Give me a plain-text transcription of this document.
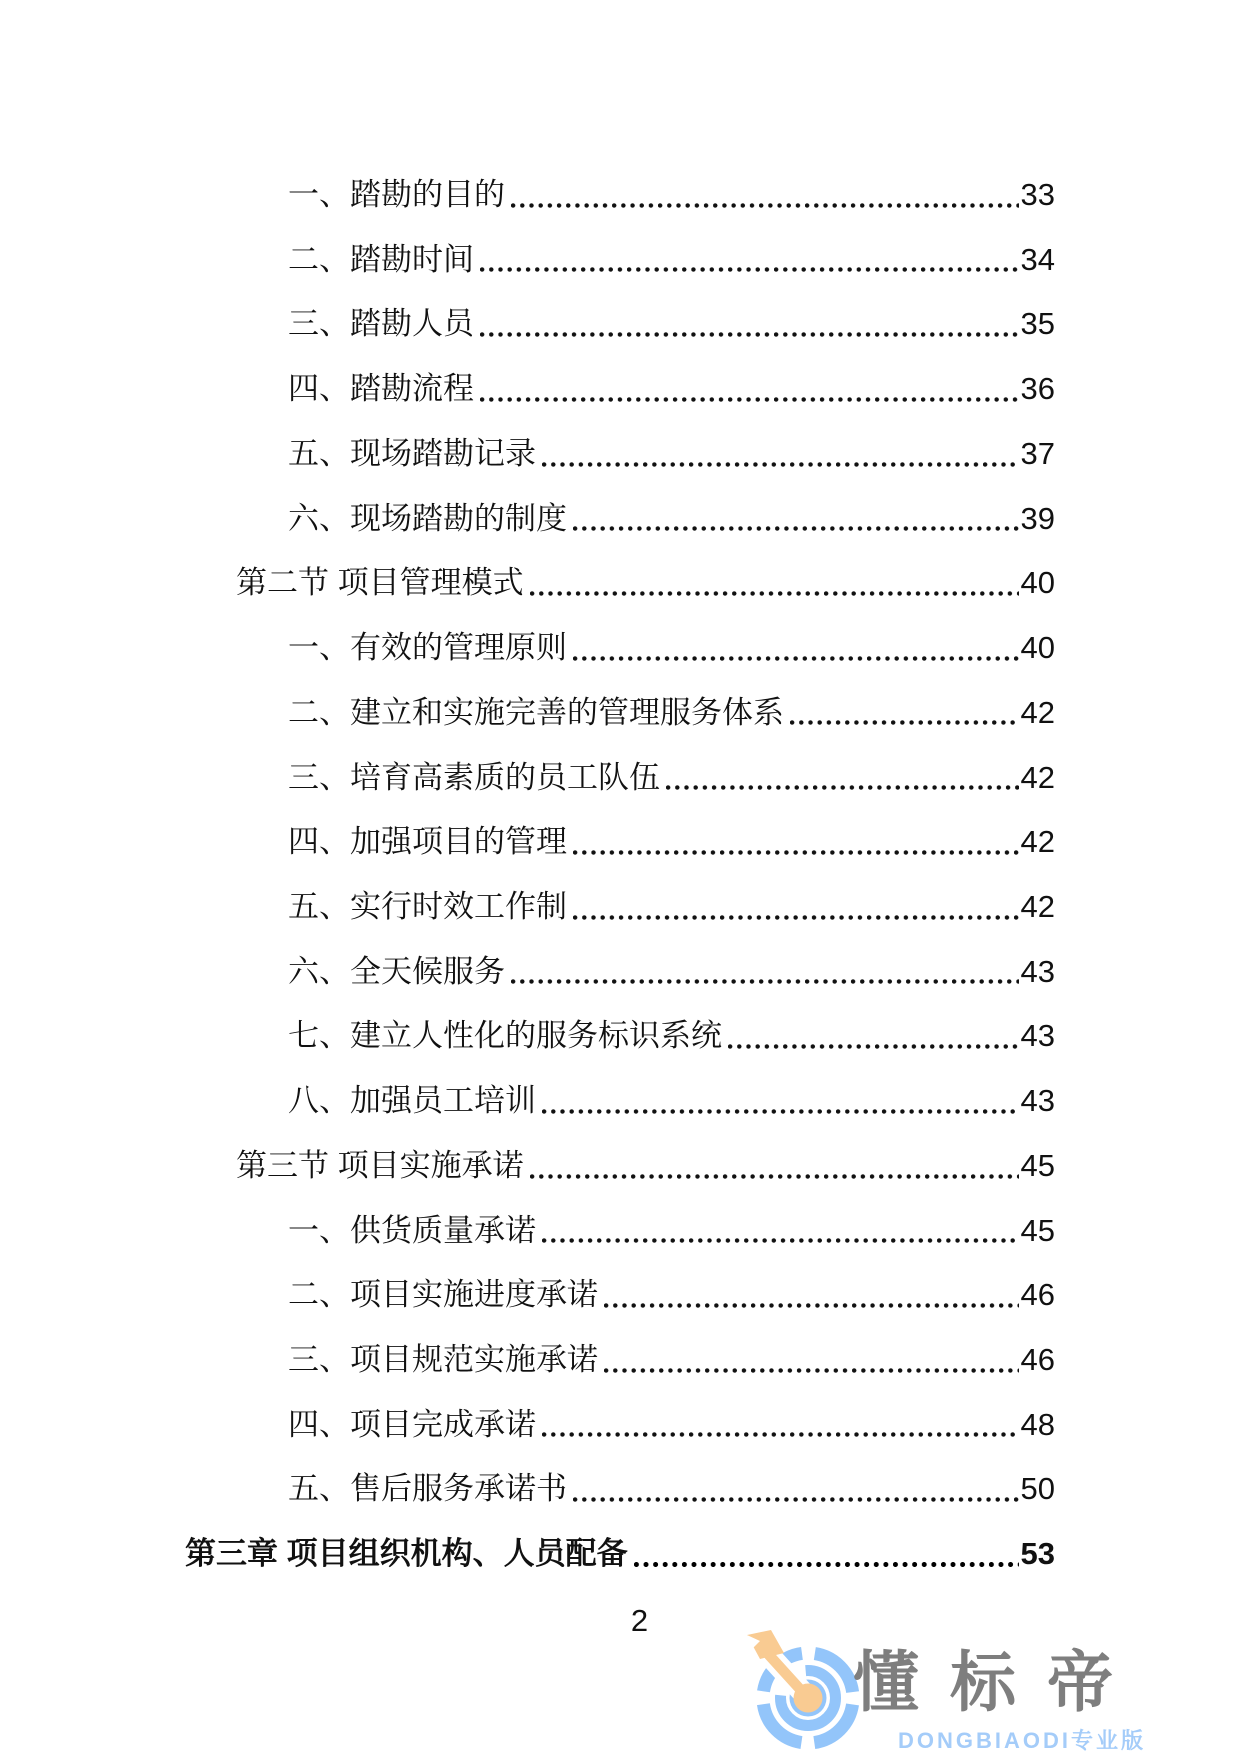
一、踏勘的目的	33
二、踏勘时间	34
三、踏勘人员	35
四、踏勘流程	36
五、现场踏勘记录	37
六、现场踏勘的制度	39
第二节 项目管理模式	40
一、有效的管理原则	40
二、建立和实施完善的管理服务体系	42
三、培育高素质的员工队伍	42
四、加强项目的管理	42
五、实行时效工作制	42
六、全天候服务	43
七、建立人性化的服务标识系统	43
八、加强员工培训	43
第三节 项目实施承诺	45
一、供货质量承诺	45
二、项目实施进度承诺	46
三、项目规范实施承诺	46
四、项目完成承诺	48
五、售后服务承诺书	50
第三章 项目组织机构、人员配备	53
2
懂标帝
DONGBIAODI专业版
